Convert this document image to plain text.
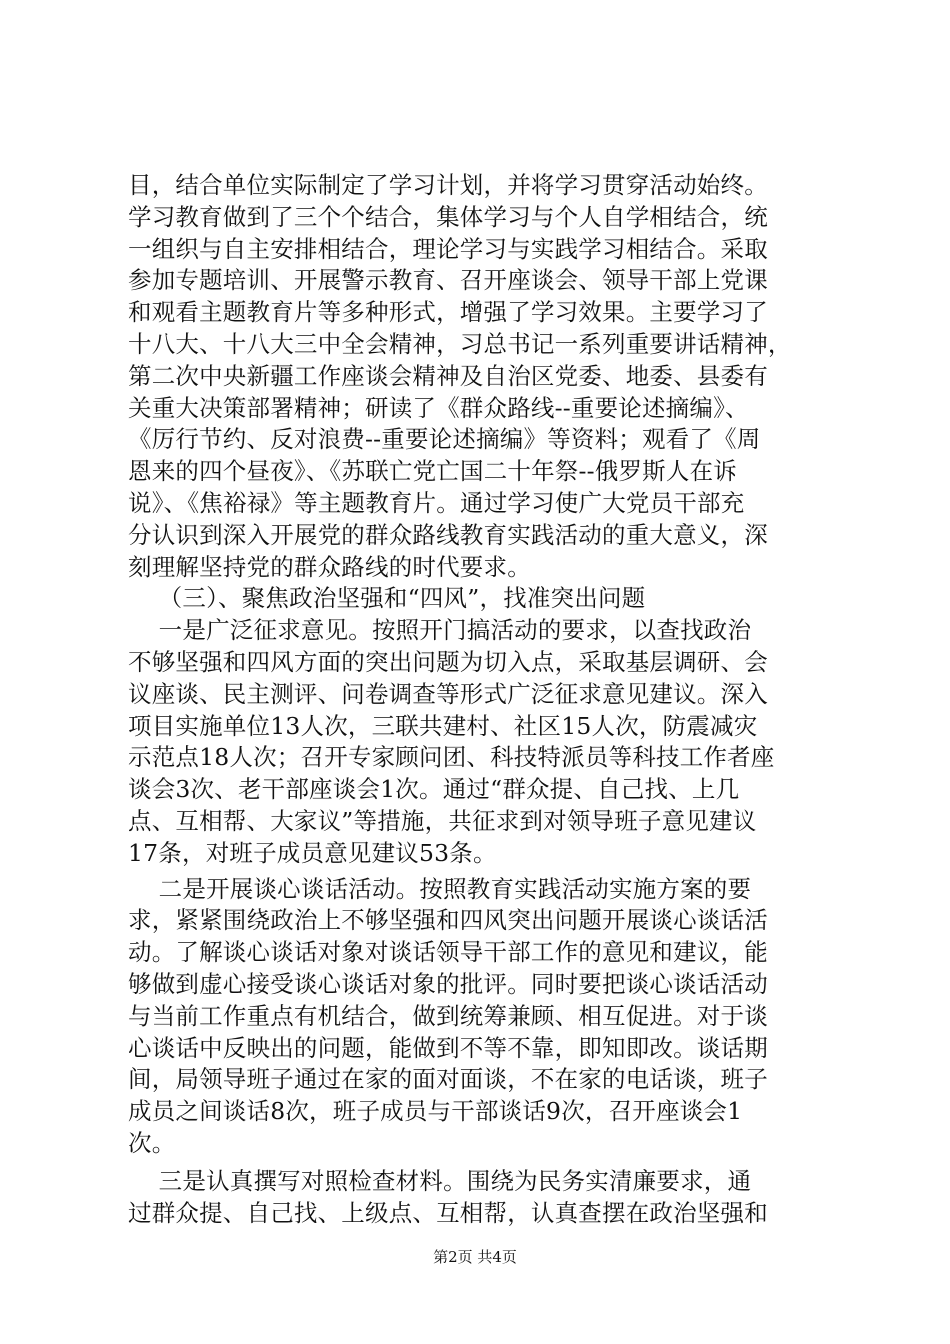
目，结合单位实际制定了学习计划，并将学习贯穿活动始终。
学习教育做到了三个个结合，集体学习与个人自学相结合，统
一组织与自主安排相结合，理论学习与实践学习相结合。采取
参加专题培训、开展警示教育、召开座谈会、领导干部上党课
和观看主题教育片等多种形式，增强了学习效果。主要学习了
十八大、十八大三中全会精神，习总书记一系列重要讲话精神，
第二次中央新疆工作座谈会精神及自治区党委、地委、县委有
关重大决策部署精神；研读了《群众路线--重要论述摘编》、
《厉行节约、反对浪费--重要论述摘编》等资料；观看了《周
恩来的四个昼夜》、《苏联亡党亡国二十年祭--俄罗斯人在诉
说》、《焦裕禄》等主题教育片。通过学习使广大党员干部充
分认识到深入开展党的群众路线教育实践活动的重大意义，深
刻理解坚持党的群众路线的时代要求。
（三）、聚焦政治坚强和“四风”，找准突出问题
一是广泛征求意见。按照开门搞活动的要求，以查找政治
不够坚强和四风方面的突出问题为切入点，采取基层调研、会
议座谈、民主测评、问卷调查等形式广泛征求意见建议。深入
项目实施单位13人次，三联共建村、社区15人次，防震减灾
示范点18人次；召开专家顾问团、科技特派员等科技工作者座
谈会3次、老干部座谈会1次。通过“群众提、自己找、上几
点、互相帮、大家议”等措施，共征求到对领导班子意见建议
17条，对班子成员意见建议53条。
二是开展谈心谈话活动。按照教育实践活动实施方案的要
求，紧紧围绕政治上不够坚强和四风突出问题开展谈心谈话活
动。了解谈心谈话对象对谈话领导干部工作的意见和建议，能
够做到虚心接受谈心谈话对象的批评。同时要把谈心谈话活动
与当前工作重点有机结合，做到统筹兼顾、相互促进。对于谈
心谈话中反映出的问题，能做到不等不靠，即知即改。谈话期
间，局领导班子通过在家的面对面谈，不在家的电话谈，班子
成员之间谈话8次，班子成员与干部谈话9次，召开座谈会1
次。
三是认真撰写对照检查材料。围绕为民务实清廉要求，通
过群众提、自己找、上级点、互相帮，认真查摆在政治坚强和
第2页 共4页
